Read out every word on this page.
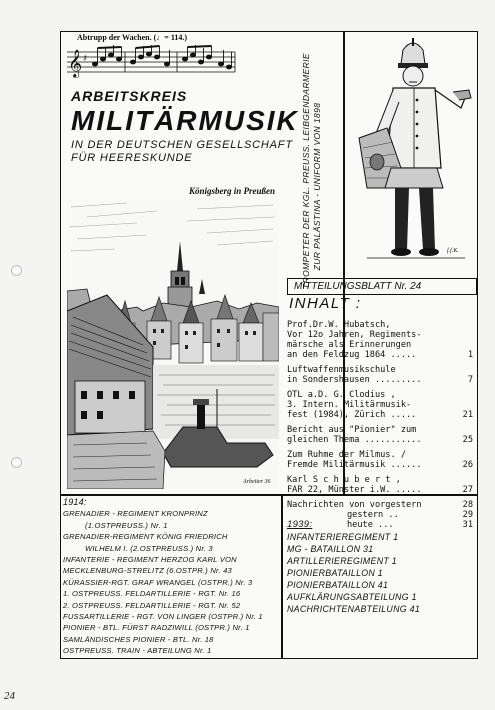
Abtrupp der Wachen. (♩= 114.)
𝄞 ♯
ARBEITSKREIS
MILITÄRMUSIK
IN DER DEUTSCHEN GESELLSCHAFT
FÜR HEERESKUNDE
Königsberg in Preußen
Arbeiter 36
TROMPETER DER KGL. PREUSS. LEIBGENDARMERIE ZUR PALÄSTINA - UNIFORM VON 1898	f.f.K.
MITTEILUNGSBLATT Nr. 24
INHALT :
Prof.Dr.W. Hubatsch,
Vor 12o Jahren, Regiments-
märsche als Erinnerungen
an den Feldzug 1864 .....	1
Luftwaffenmusikschule
in Sondershausen .........	7
OTL a.D. G. Clodius ,
3. Intern. Militärmusik-
fest (1984), Zürich .....	21
Bericht aus "Pionier" zum
gleichen Thema ...........	25
Zum Ruhme der Milmus. /
Fremde Militärmusik ......	26
Karl S c h u b e r t ,
FAR 22, Münster i.W. .....	27
Nachrichten von vorgestern	28
gestern ..	29
heute ...	31
1914:
GRENADIER - REGIMENT KRONPRINZ
(1.OSTPREUSS.) Nr. 1
GRENADIER-REGIMENT KÖNIG FRIEDRICH
WILHELM I. (2.OSTPREUSS.) Nr. 3
INFANTERIE - REGIMENT HERZOG KARL VON
MECKLENBURG-STRELITZ (6.OSTPR.) Nr. 43
KÜRASSIER-RGT. GRAF WRANGEL (OSTPR.) Nr. 3
1. OSTPREUSS. FELDARTILLERIE - RGT. Nr. 16
2. OSTPREUSS. FELDARTILLERIE - RGT. Nr. 52
FUSSARTILLERIE - RGT. VON LINGER (OSTPR.) Nr. 1
PIONIER - BTL. FÜRST RADZIWILL (OSTPR.) Nr. 1
SAMLÄNDISCHES PIONIER - BTL. Nr. 18
OSTPREUSS. TRAIN - ABTEILUNG Nr. 1
1939:
INFANTERIEREGIMENT 1
MG - BATAILLON 31
ARTILLERIEREGIMENT 1
PIONIERBATAILLON 1
PIONIERBATAILLON 41
AUFKLÄRUNGSABTEILUNG 1
NACHRICHTENABTEILUNG 41
24
